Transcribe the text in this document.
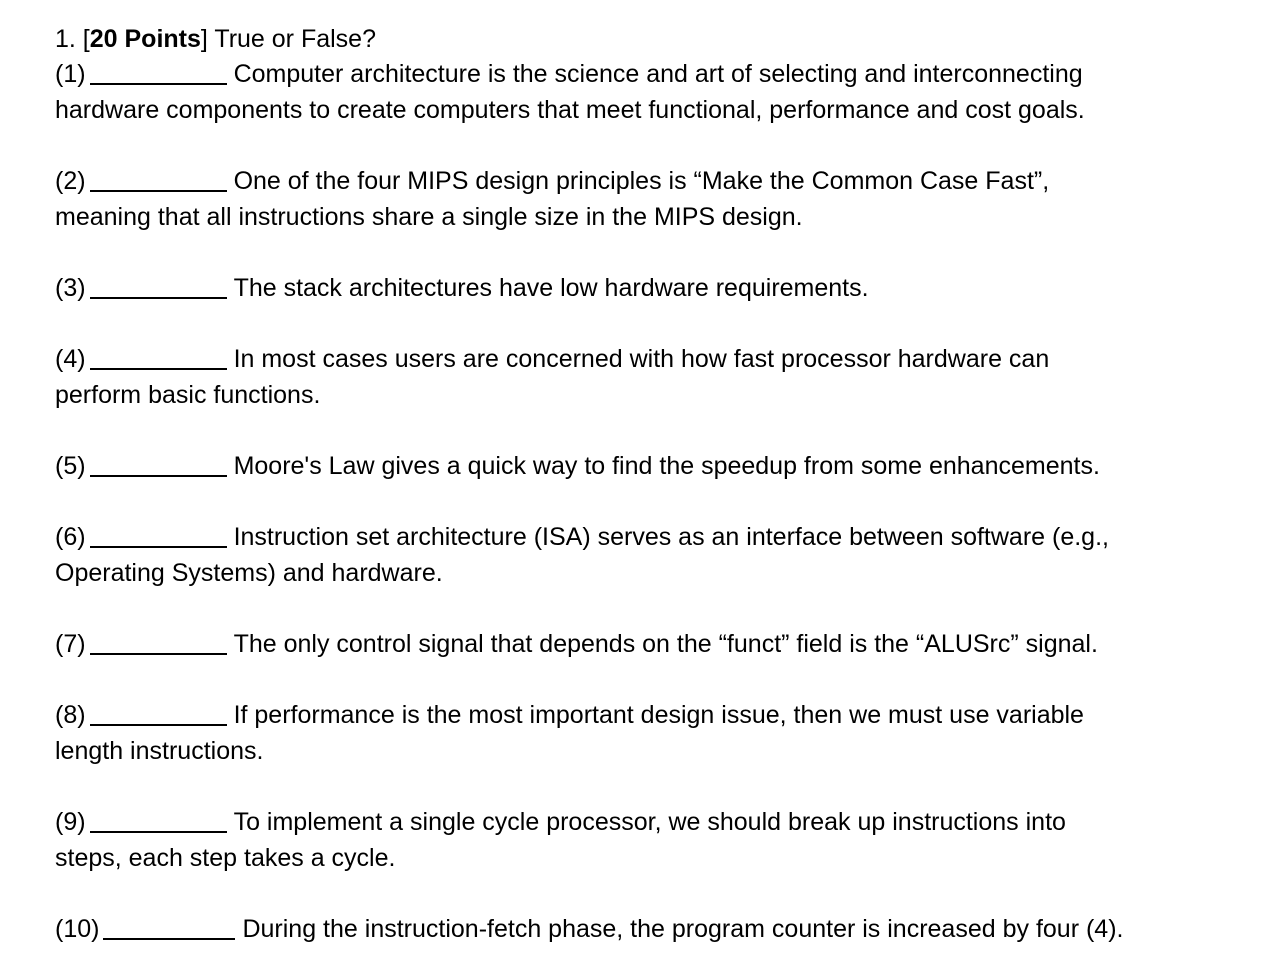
1. [20 Points] True or False?
(1)	Computer architecture is the science and art of selecting and interconnecting
hardware components to create computers that meet functional, performance and cost goals.
(2)	One of the four MIPS design principles is “Make the Common Case Fast”,
meaning that all instructions share a single size in the MIPS design.
(3)	The stack architectures have low hardware requirements.
(4)	In most cases users are concerned with how fast processor hardware can
perform basic functions.
(5)	Moore's Law gives a quick way to find the speedup from some enhancements.
(6)	Instruction set architecture (ISA) serves as an interface between software (e.g.,
Operating Systems) and hardware.
(7)	The only control signal that depends on the “funct” field is the “ALUSrc” signal.
(8)	If performance is the most important design issue, then we must use variable
length instructions.
(9)	To implement a single cycle processor, we should break up instructions into
steps, each step takes a cycle.
(10)	During the instruction-fetch phase, the program counter is increased by four (4).
